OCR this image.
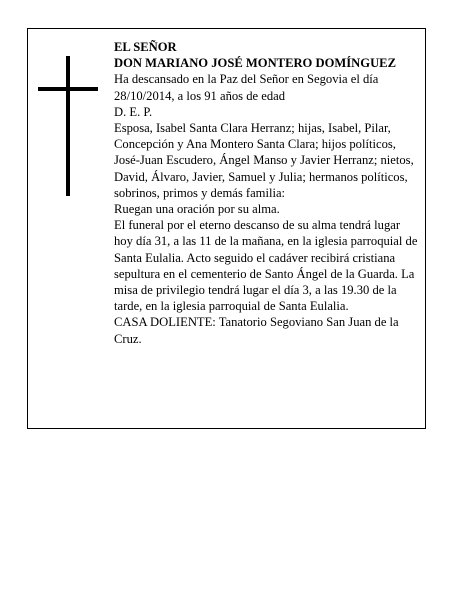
EL SEÑOR

DON MARIANO JOSÉ MONTERO DOMÍNGUEZ

Ha descansado en la Paz del Señor en Segovia el día 28/10/2014, a los 91 años de edad

D. E. P.

Esposa, Isabel Santa Clara Herranz; hijas, Isabel, Pilar, Concepción y Ana Montero Santa Clara; hijos políticos, José-Juan Escudero, Ángel Manso y Javier Herranz; nietos, David, Álvaro, Javier, Samuel y Julia; hermanos políticos, sobrinos, primos y demás familia:

Ruegan una oración por su alma.

El funeral por el eterno descanso de su alma tendrá lugar hoy día 31, a las 11 de la mañana, en la iglesia parroquial de Santa Eulalia. Acto seguido el cadáver recibirá cristiana sepultura en el cementerio de Santo Ángel de la Guarda. La misa de privilegio tendrá lugar el día 3, a las 19.30 de la tarde, en la iglesia parroquial de Santa Eulalia.

CASA DOLIENTE: Tanatorio Segoviano San Juan de la Cruz.
